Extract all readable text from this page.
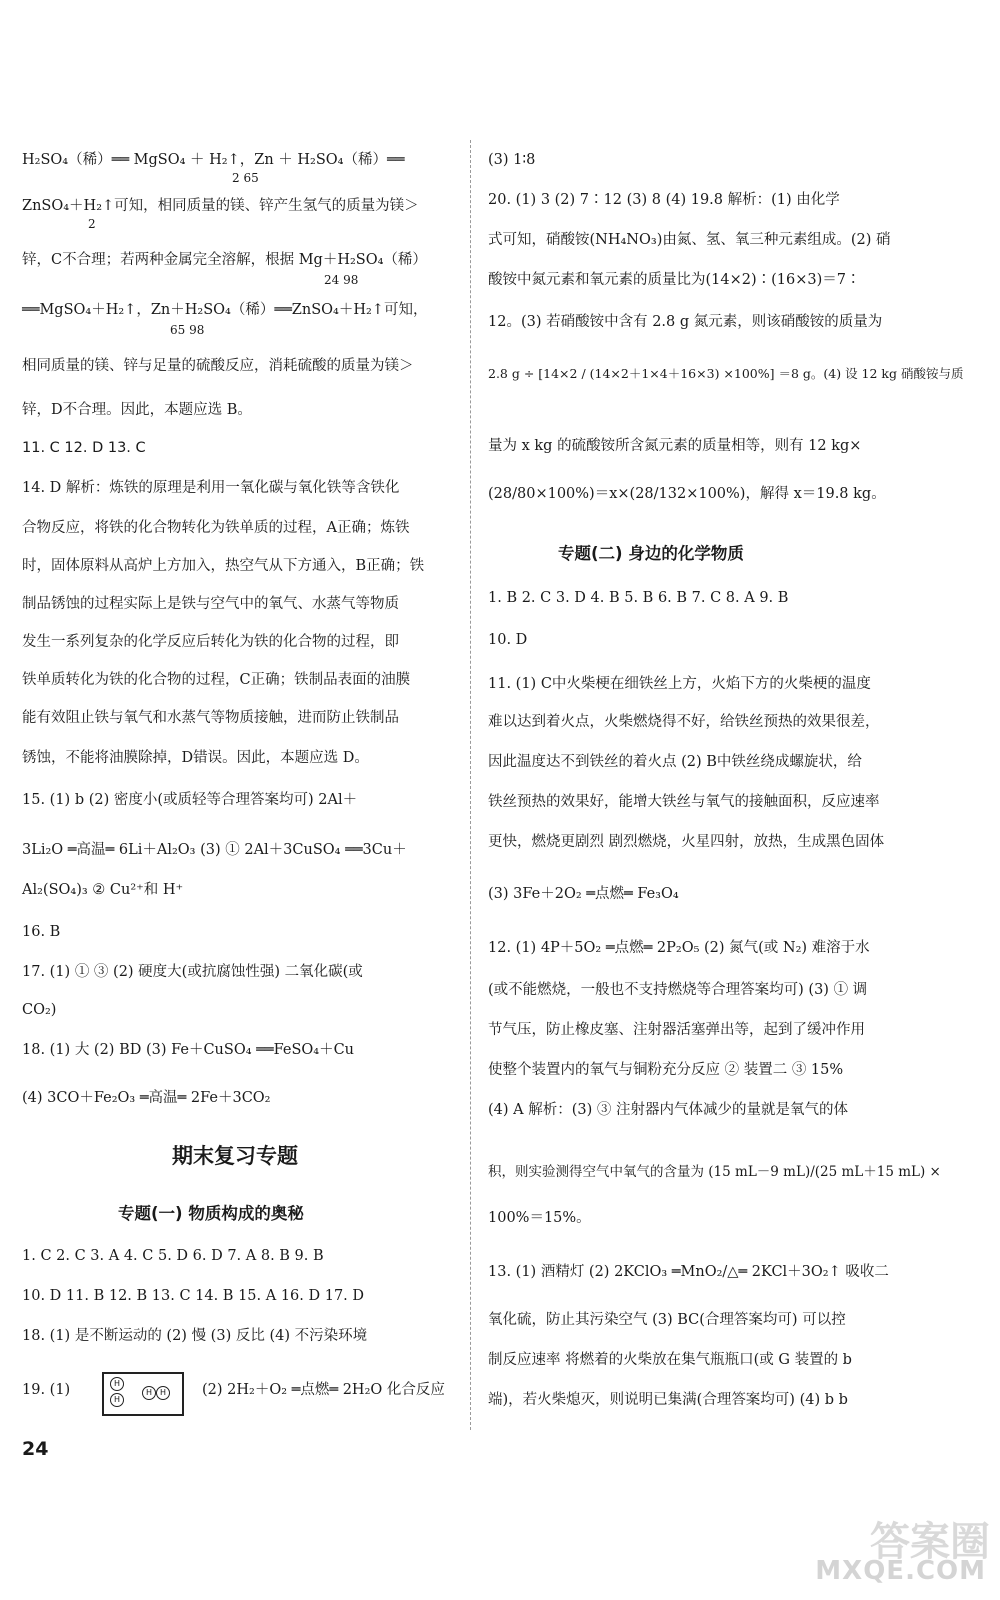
H₂SO₄（稀）══ MgSO₄ ＋ H₂↑，Zn ＋ H₂SO₄（稀）══
2 65
ZnSO₄＋H₂↑可知，相同质量的镁、锌产生氢气的质量为镁＞
2
锌，C不合理；若两种金属完全溶解，根据 Mg＋H₂SO₄（稀）
24 98
══MgSO₄＋H₂↑，Zn＋H₂SO₄（稀）══ZnSO₄＋H₂↑可知，
65 98
相同质量的镁、锌与足量的硫酸反应，消耗硫酸的质量为镁＞
锌，D不合理。因此，本题应选 B。
11. C 12. D 13. C
14. D 解析：炼铁的原理是利用一氧化碳与氧化铁等含铁化
合物反应，将铁的化合物转化为铁单质的过程，A正确；炼铁
时，固体原料从高炉上方加入，热空气从下方通入，B正确；铁
制品锈蚀的过程实际上是铁与空气中的氧气、水蒸气等物质
发生一系列复杂的化学反应后转化为铁的化合物的过程，即
铁单质转化为铁的化合物的过程，C正确；铁制品表面的油膜
能有效阻止铁与氧气和水蒸气等物质接触，进而防止铁制品
锈蚀，不能将油膜除掉，D错误。因此，本题应选 D。
15. (1) b (2) 密度小(或质轻等合理答案均可) 2Al＋
3Li₂O ═高温═ 6Li＋Al₂O₃ (3) ① 2Al＋3CuSO₄ ══3Cu＋
Al₂(SO₄)₃ ② Cu²⁺和 H⁺
16. B
17. (1) ① ③ (2) 硬度大(或抗腐蚀性强) 二氧化碳(或
CO₂)
18. (1) 大 (2) BD (3) Fe＋CuSO₄ ══FeSO₄＋Cu
(4) 3CO＋Fe₂O₃ ═高温═ 2Fe＋3CO₂
期末复习专题
专题(一) 物质构成的奥秘
1. C 2. C 3. A 4. C 5. D 6. D 7. A 8. B 9. B
10. D 11. B 12. B 13. C 14. B 15. A 16. D 17. D
18. (1) 是不断运动的 (2) 慢 (3) 反比 (4) 不污染环境
19. (1)	H
H
H H (2) 2H₂＋O₂ ═点燃═ 2H₂O 化合反应
24
(3) 1∶8
20. (1) 3 (2) 7∶12 (3) 8 (4) 19.8 解析：(1) 由化学
式可知，硝酸铵(NH₄NO₃)由氮、氢、氧三种元素组成。(2) 硝
酸铵中氮元素和氧元素的质量比为(14×2)∶(16×3)＝7∶
12。(3) 若硝酸铵中含有 2.8 g 氮元素，则该硝酸铵的质量为
2.8 g ÷ [14×2 / (14×2＋1×4＋16×3) ×100%] ＝8 g。(4) 设 12 kg 硝酸铵与质
量为 x kg 的硫酸铵所含氮元素的质量相等，则有 12 kg×
(28/80×100%)＝x×(28/132×100%)，解得 x＝19.8 kg。
专题(二) 身边的化学物质
1. B 2. C 3. D 4. B 5. B 6. B 7. C 8. A 9. B
10. D
11. (1) C中火柴梗在细铁丝上方，火焰下方的火柴梗的温度
难以达到着火点，火柴燃烧得不好，给铁丝预热的效果很差，
因此温度达不到铁丝的着火点 (2) B中铁丝绕成螺旋状，给
铁丝预热的效果好，能增大铁丝与氧气的接触面积，反应速率
更快，燃烧更剧烈 剧烈燃烧，火星四射，放热，生成黑色固体
(3) 3Fe＋2O₂ ═点燃═ Fe₃O₄
12. (1) 4P＋5O₂ ═点燃═ 2P₂O₅ (2) 氮气(或 N₂) 难溶于水
(或不能燃烧，一般也不支持燃烧等合理答案均可) (3) ① 调
节气压，防止橡皮塞、注射器活塞弹出等，起到了缓冲作用
使整个装置内的氧气与铜粉充分反应 ② 装置二 ③ 15%
(4) A 解析：(3) ③ 注射器内气体减少的量就是氧气的体
积，则实验测得空气中氧气的含量为 (15 mL－9 mL)/(25 mL＋15 mL) ×
100%＝15%。
13. (1) 酒精灯 (2) 2KClO₃ ═MnO₂/△═ 2KCl＋3O₂↑ 吸收二
氧化硫，防止其污染空气 (3) BC(合理答案均可) 可以控
制反应速率 将燃着的火柴放在集气瓶瓶口(或 G 装置的 b
端)，若火柴熄灭，则说明已集满(合理答案均可) (4) b b
答案圈
MXQE.COM
